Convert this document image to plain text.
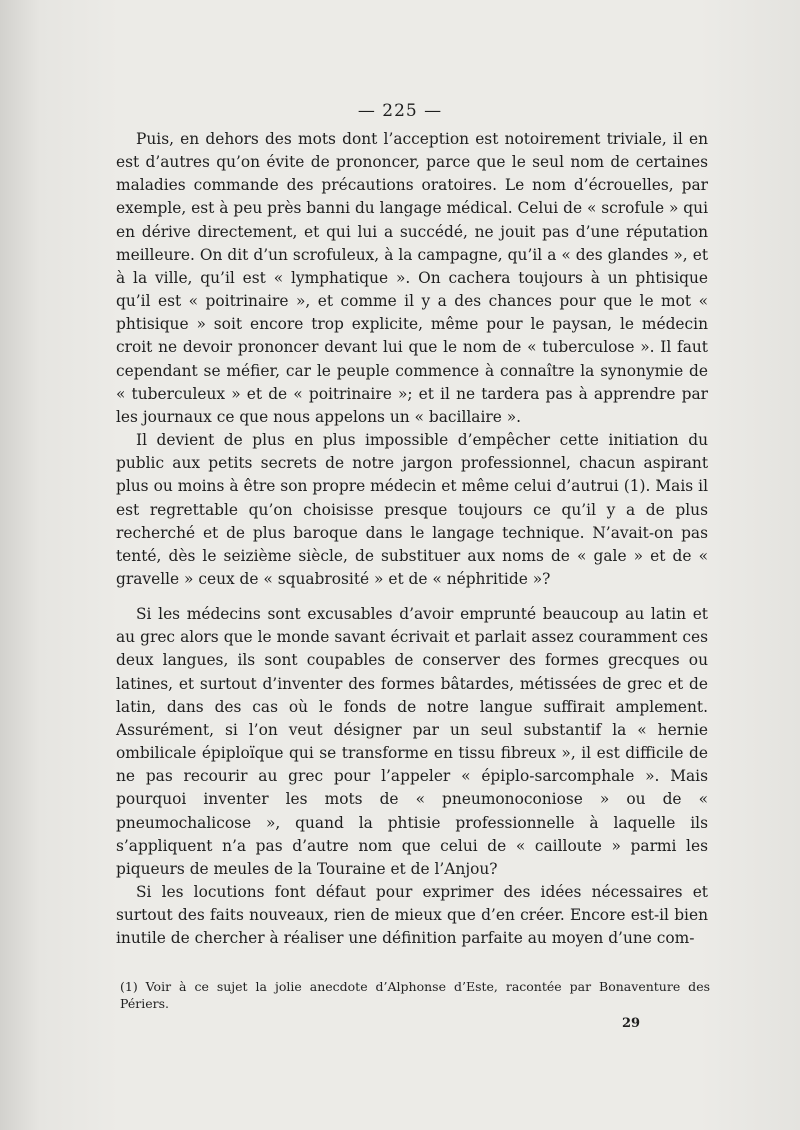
— 225 —

Puis, en dehors des mots dont l’acception est notoirement triviale, il en est d’autres qu’on évite de prononcer, parce que le seul nom de certaines maladies commande des précautions oratoires. Le nom d’écrouelles, par exemple, est à peu près banni du langage médical. Celui de « scrofule » qui en dérive directement, et qui lui a succédé, ne jouit pas d’une réputation meilleure. On dit d’un scrofuleux, à la campagne, qu’il a « des glandes », et à la ville, qu’il est « lymphatique ». On cachera toujours à un phtisique qu’il est « poitrinaire », et comme il y a des chances pour que le mot « phtisique » soit encore trop explicite, même pour le paysan, le médecin croit ne devoir prononcer devant lui que le nom de « tuberculose ». Il faut cependant se méfier, car le peuple commence à connaître la synonymie de « tuberculeux » et de « poitrinaire »; et il ne tardera pas à apprendre par les journaux ce que nous appelons un « bacillaire ».

Il devient de plus en plus impossible d’empêcher cette initiation du public aux petits secrets de notre jargon professionnel, chacun aspirant plus ou moins à être son propre médecin et même celui d’autrui (1). Mais il est regrettable qu’on choisisse presque toujours ce qu’il y a de plus recherché et de plus baroque dans le langage technique. N’avait-on pas tenté, dès le seizième siècle, de substituer aux noms de « gale » et de « gravelle » ceux de « squabrosité » et de « néphritide »?

Si les médecins sont excusables d’avoir emprunté beaucoup au latin et au grec alors que le monde savant écrivait et parlait assez couramment ces deux langues, ils sont coupables de conserver des formes grecques ou latines, et surtout d’inventer des formes bâtardes, métissées de grec et de latin, dans des cas où le fonds de notre langue suffirait amplement. Assurément, si l’on veut désigner par un seul substantif la « hernie ombilicale épiploïque qui se transforme en tissu fibreux », il est difficile de ne pas recourir au grec pour l’appeler « épiplo-sarcomphale ». Mais pourquoi inventer les mots de « pneumonoconiose » ou de « pneumochalicose », quand la phtisie professionnelle à laquelle ils s’appliquent n’a pas d’autre nom que celui de « cailloute » parmi les piqueurs de meules de la Touraine et de l’Anjou?

Si les locutions font défaut pour exprimer des idées nécessaires et surtout des faits nouveaux, rien de mieux que d’en créer. Encore est-il bien inutile de chercher à réaliser une définition parfaite au moyen d’une com-

(1) Voir à ce sujet la jolie anecdote d’Alphonse d’Este, racontée par Bonaventure des Périers.
29
